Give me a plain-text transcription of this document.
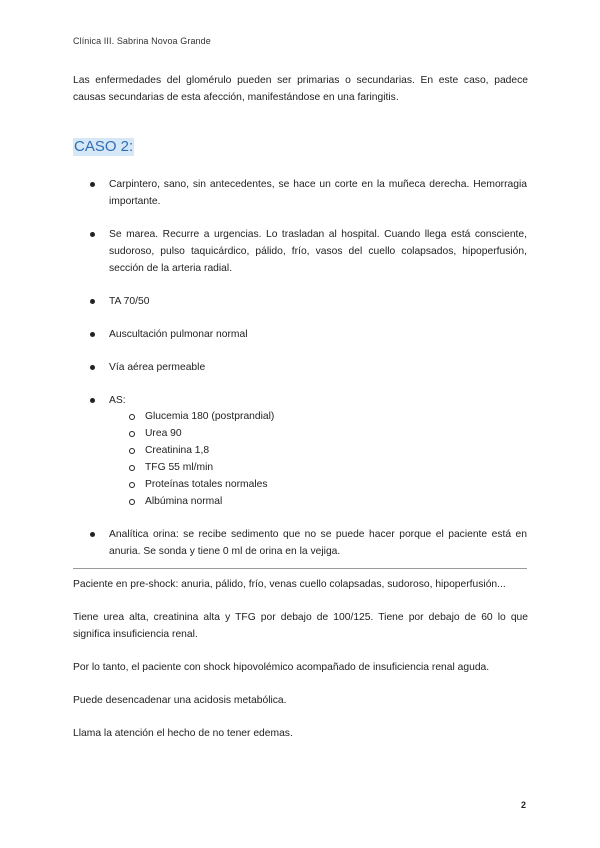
Clínica III. Sabrina Novoa Grande
Las enfermedades del glomérulo pueden ser primarias o secundarias. En este caso, padece causas secundarias de esta afección, manifestándose en una faringitis.
CASO 2:
Carpintero, sano, sin antecedentes, se hace un corte en la muñeca derecha. Hemorragia importante.
Se marea. Recurre a urgencias. Lo trasladan al hospital. Cuando llega está consciente, sudoroso, pulso taquicárdico, pálido, frío, vasos del cuello colapsados, hipoperfusión, sección de la arteria radial.
TA 70/50
Auscultación pulmonar normal
Vía aérea permeable
AS:
Glucemia 180 (postprandial)
Urea 90
Creatinina 1,8
TFG 55 ml/min
Proteínas totales normales
Albúmina normal
Analítica orina: se recibe sedimento que no se puede hacer porque el paciente está en anuria. Se sonda y tiene 0 ml de orina en la vejiga.
Paciente en pre-shock: anuria, pálido, frío, venas cuello colapsadas, sudoroso, hipoperfusión...
Tiene urea alta, creatinina alta y TFG por debajo de 100/125. Tiene por debajo de 60 lo que significa insuficiencia renal.
Por lo tanto, el paciente con shock hipovolémico acompañado de insuficiencia renal aguda.
Puede desencadenar una acidosis metabólica.
Llama la atención el hecho de no tener edemas.
2
